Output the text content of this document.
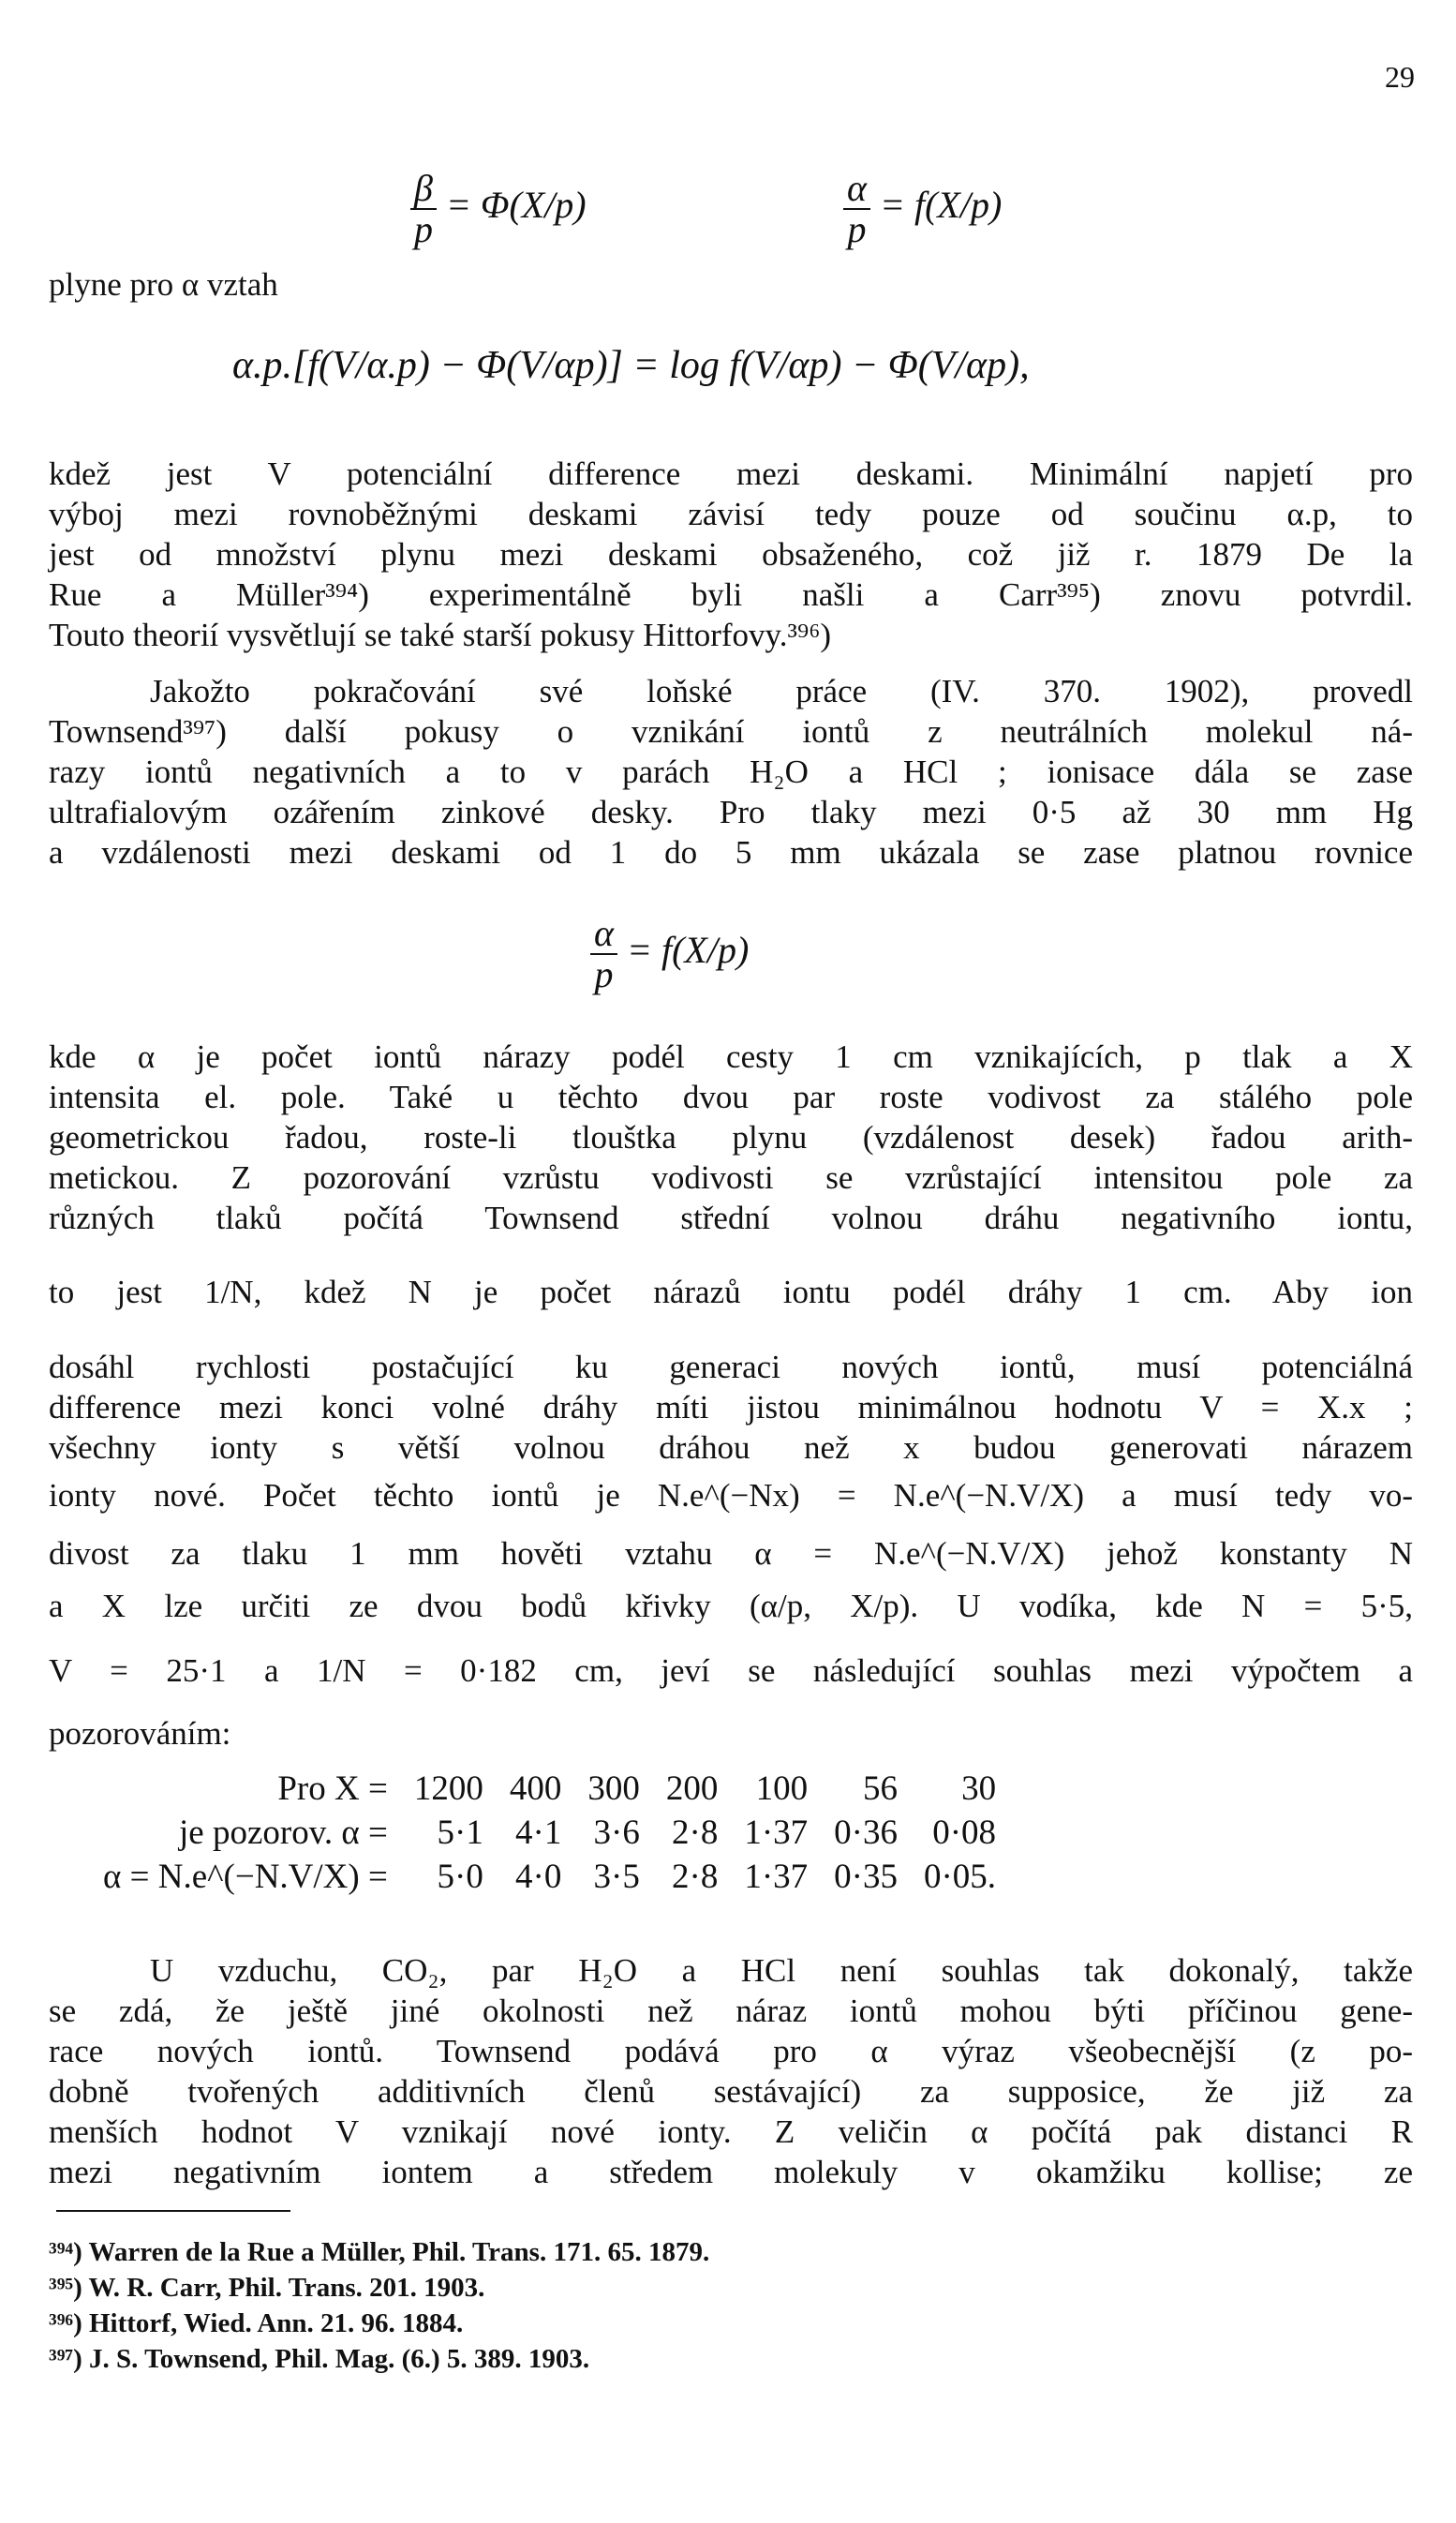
29
$\frac{\beta}{p} = \Phi(X/p)$	$\frac{\alpha}{p} = f(X/p)$
plyne pro α vztah
α.p.[f(V/α.p) − Φ(V/αp)] = log f(V/αp) − Φ(V/αp),
kdež jest V potenciální difference mezi deskami. Minimální napjetí pro
výboj mezi rovnoběžnými deskami závisí tedy pouze od součinu α.p, to
jest od množství plynu mezi deskami obsaženého, což již r. 1879 De la
Rue a Müller³⁹⁴) experimentálně byli našli a Carr³⁹⁵) znovu potvrdil.
Touto theorií vysvětlují se také starší pokusy Hittorfovy.³⁹⁶)
Jakožto pokračování své loňské práce (IV. 370. 1902), provedl
Townsend³⁹⁷) další pokusy o vznikání iontů z neutrálních molekul ná-
razy iontů negativních a to v parách H₂O a HCl ; ionisace dála se zase
ultrafialovým ozářením zinkové desky. Pro tlaky mezi 0·5 až 30 mm Hg
a vzdálenosti mezi deskami od 1 do 5 mm ukázala se zase platnou rovnice
$\frac{\alpha}{p} = f(X/p)$
kde α je počet iontů nárazy podél cesty 1 cm vznikajících, p tlak a X
intensita el. pole. Také u těchto dvou par roste vodivost za stálého pole
geometrickou řadou, roste-li tlouštka plynu (vzdálenost desek) řadou arith-
metickou. Z pozorování vzrůstu vodivosti se vzrůstající intensitou pole za
různých tlaků počítá Townsend střední volnou dráhu negativního iontu,
to jest 1/N, kdež N je počet nárazů iontu podél dráhy 1 cm. Aby ion
dosáhl rychlosti postačující ku generaci nových iontů, musí potenciálná
difference mezi konci volné dráhy míti jistou minimálnou hodnotu V = X.x ;
všechny ionty s větší volnou dráhou než x budou generovati nárazem
ionty nové. Počet těchto iontů je N.e^(−Nx) = N.e^(−N.V/X) a musí tedy vo-
divost za tlaku 1 mm hověti vztahu α = N.e^(−N.V/X) jehož konstanty N
a X lze určiti ze dvou bodů křivky (α/p, X/p). U vodíka, kde N = 5·5,
V = 25·1 a 1/N = 0·182 cm, jeví se následující souhlas mezi výpočtem a
pozorováním:
Pro X =	1200	400	300	200	100	56	30
je pozorov. α =	5·1	4·1	3·6	2·8	1·37	0·36	0·08
α = N.e^(−N.V/X) =	5·0	4·0	3·5	2·8	1·37	0·35	0·05.
U vzduchu, CO₂, par H₂O a HCl není souhlas tak dokonalý, takže
se zdá, že ještě jiné okolnosti než náraz iontů mohou býti příčinou gene-
race nových iontů. Townsend podává pro α výraz všeobecnější (z po-
dobně tvořených additivních členů sestávající) za supposice, že již za
menších hodnot V vznikají nové ionty. Z veličin α počítá pak distanci R
mezi negativním iontem a středem molekuly v okamžiku kollise; ze
³⁹⁴) Warren de la Rue a Müller, Phil. Trans. 171. 65. 1879.
³⁹⁵) W. R. Carr, Phil. Trans. 201. 1903.
³⁹⁶) Hittorf, Wied. Ann. 21. 96. 1884.
³⁹⁷) J. S. Townsend, Phil. Mag. (6.) 5. 389. 1903.
